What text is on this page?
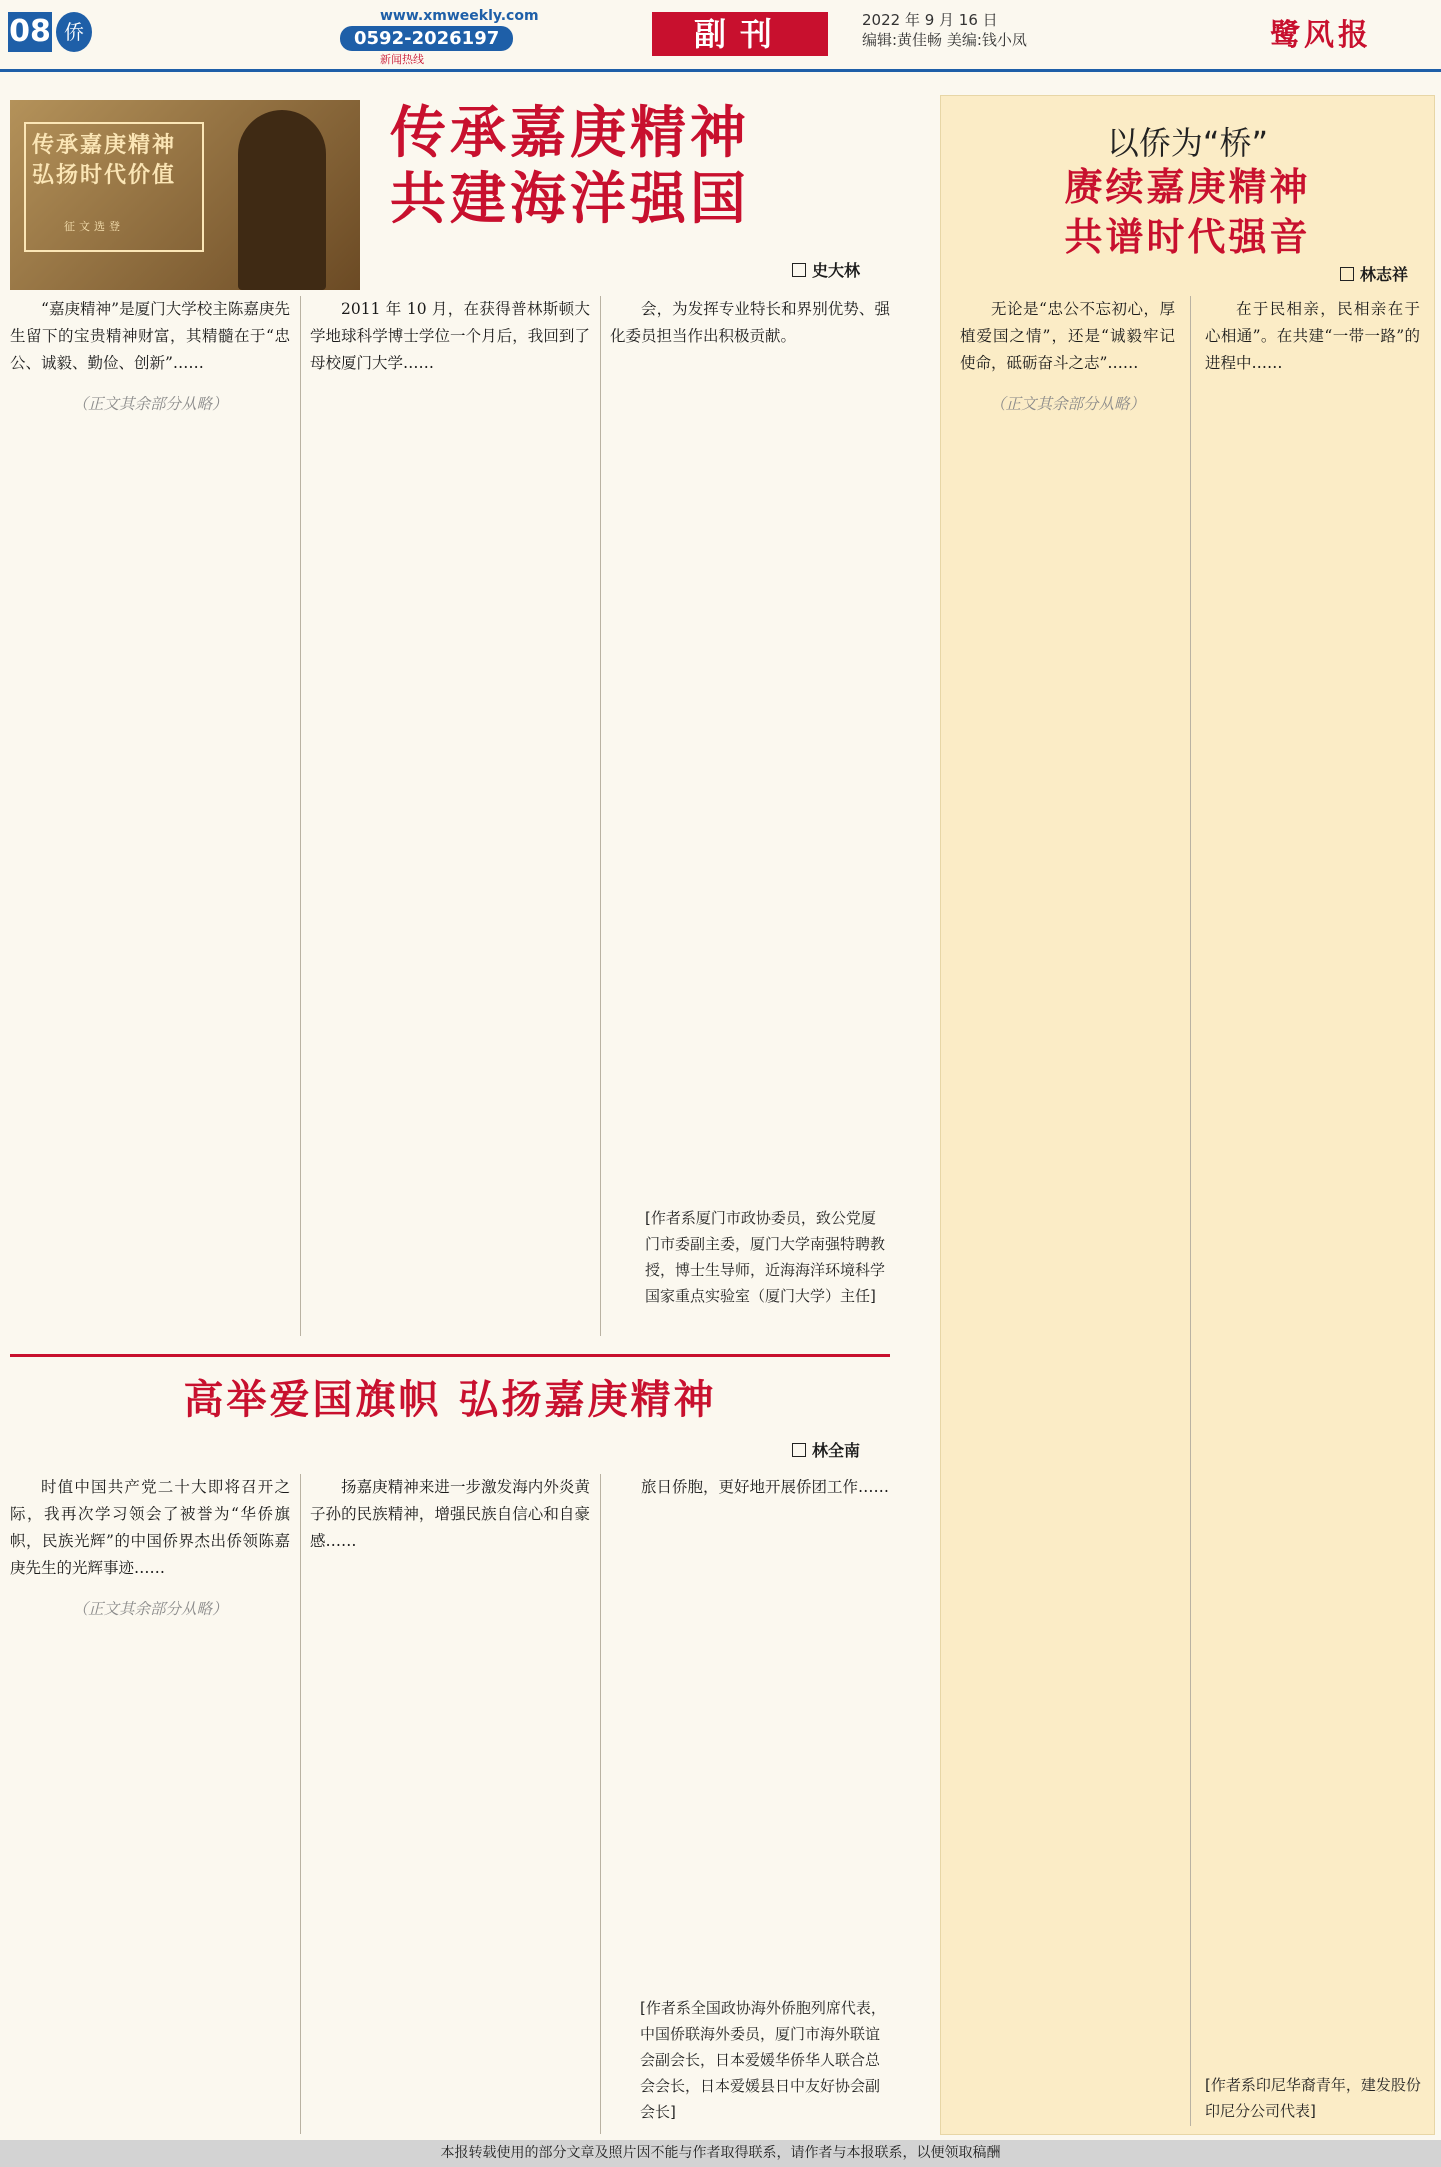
08 侨
www.xmweekly.com
0592-2026197
新闻热线
副刊	2022 年 9 月 16 日
编辑:黄佳畅 美编:钱小凤	鹭风报
传承嘉庚精神
弘扬时代价值
征文选登
传承嘉庚精神
共建海洋强国
史大林

“嘉庚精神”是厦门大学校主陈嘉庚先生留下的宝贵精神财富，其精髓在于“忠公、诚毅、勤俭、创新”……

（正文其余部分从略）

2011 年 10 月，在获得普林斯顿大学地球科学博士学位一个月后，我回到了母校厦门大学……

会，为发挥专业特长和界别优势、强化委员担当作出积极贡献。

[作者系厦门市政协委员，致公党厦门市委副主委，厦门大学南强特聘教授，博士生导师，近海海洋环境科学国家重点实验室（厦门大学）主任]
高举爱国旗帜 弘扬嘉庚精神
林全南

时值中国共产党二十大即将召开之际，我再次学习领会了被誉为“华侨旗帜，民族光辉”的中国侨界杰出侨领陈嘉庚先生的光辉事迹……

（正文其余部分从略）

扬嘉庚精神来进一步激发海内外炎黄子孙的民族精神，增强民族自信心和自豪感……

旅日侨胞，更好地开展侨团工作……

[作者系全国政协海外侨胞列席代表，中国侨联海外委员，厦门市海外联谊会副会长，日本爱媛华侨华人联合总会会长，日本爱媛县日中友好协会副会长]
以侨为“桥”
赓续嘉庚精神
共谱时代强音
林志祥

无论是“忠公不忘初心，厚植爱国之情”，还是“诚毅牢记使命，砥砺奋斗之志”……

（正文其余部分从略）

在于民相亲，民相亲在于心相通”。在共建“一带一路”的进程中……

[作者系印尼华裔青年，建发股份印尼分公司代表]
本报转载使用的部分文章及照片因不能与作者取得联系，请作者与本报联系，以便领取稿酬
